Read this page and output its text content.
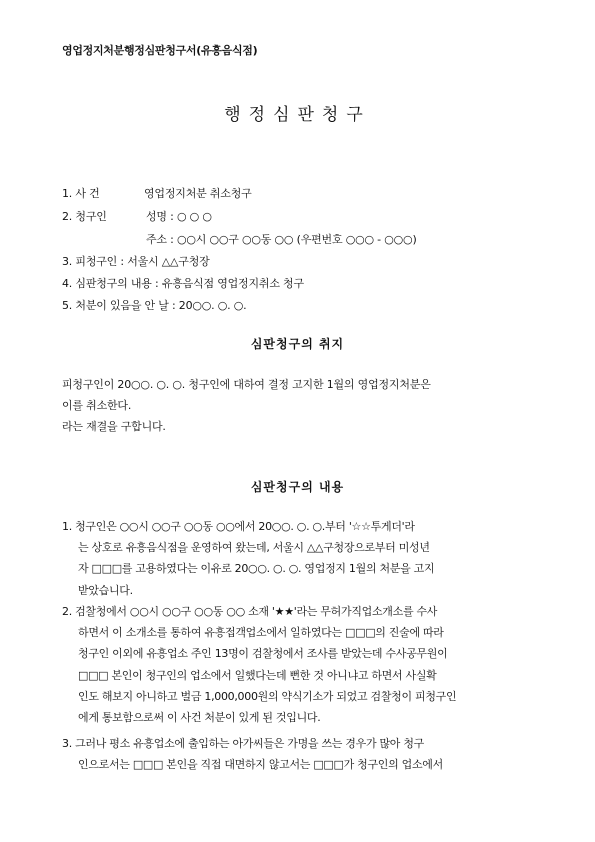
영업정지처분행정심판청구서(유흥음식점)
행정심판청구
1. 사 건	영업정지처분 취소청구
2. 청구인	성명 : ○ ○ ○
주소 : ○○시 ○○구 ○○동 ○○ (우편번호 ○○○ - ○○○)
3. 피청구인 : 서울시 △△구청장
4. 심판청구의 내용 : 유흥음식점 영업정지취소 청구
5. 처분이 있음을 안 날 : 20○○. ○. ○.
심판청구의 취지
피청구인이 20○○. ○. ○. 청구인에 대하여 결정 고지한 1월의 영업정지처분은
이를 취소한다.
라는 재결을 구합니다.
심판청구의 내용
1. 청구인은 ○○시 ○○구 ○○동 ○○에서 20○○. ○. ○.부터 '☆☆투게더'라
는 상호로 유흥음식점을 운영하여 왔는데, 서울시 △△구청장으로부터 미성년
자 □□□를 고용하였다는 이유로 20○○. ○. ○. 영업정지 1월의 처분을 고지
받았습니다.
2. 검찰청에서 ○○시 ○○구 ○○동 ○○ 소재 '★★'라는 무허가직업소개소를 수사
하면서 이 소개소를 통하여 유흥접객업소에서 일하였다는 □□□의 진술에 따라
청구인 이외에 유흥업소 주인 13명이 검찰청에서 조사를 받았는데 수사공무원이
□□□ 본인이 청구인의 업소에서 일했다는데 뻔한 것 아니냐고 하면서 사실확
인도 해보지 아니하고 벌금 1,000,000원의 약식기소가 되었고 검찰청이 피청구인
에게 통보함으로써 이 사건 처분이 있게 된 것입니다.
3. 그러나 평소 유흥업소에 출입하는 아가씨들은 가명을 쓰는 경우가 많아 청구
인으로서는 □□□ 본인을 직접 대면하지 않고서는 □□□가 청구인의 업소에서
